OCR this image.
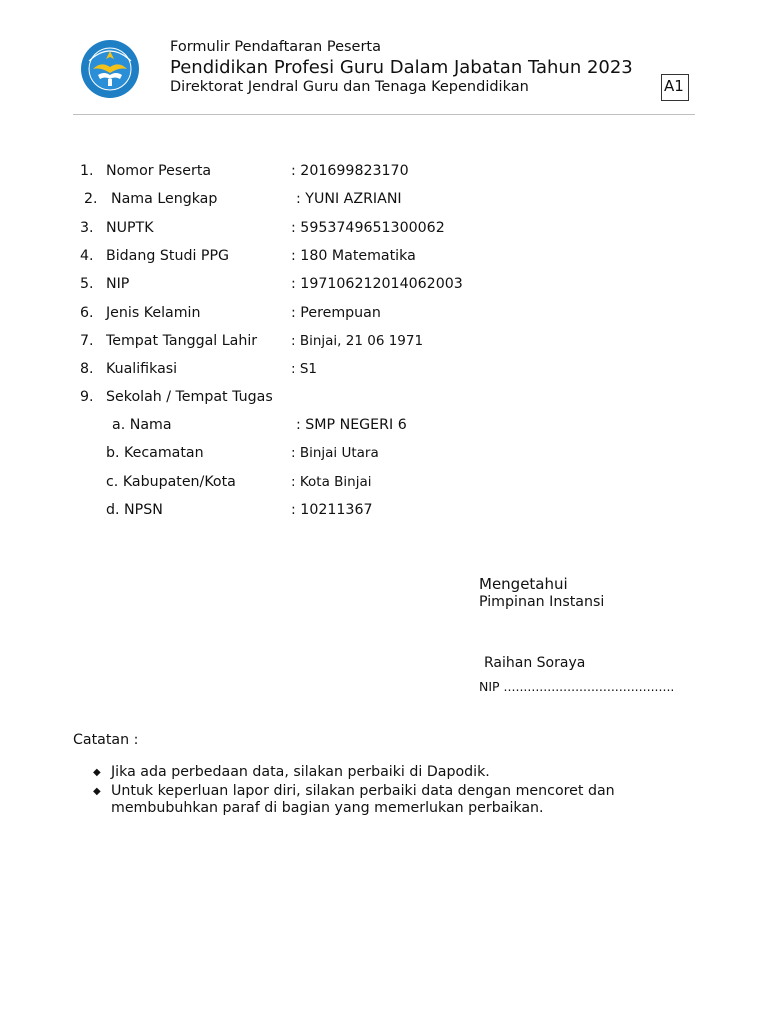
Formulir Pendaftaran Peserta
Pendidikan Profesi Guru Dalam Jabatan Tahun 2023
Direktorat Jendral Guru dan Tenaga Kependidikan	A1
1. Nomor Peserta	: 201699823170
2. Nama Lengkap	: YUNI AZRIANI
3. NUPTK	: 5953749651300062
4. Bidang Studi PPG	: 180 Matematika
5. NIP	: 197106212014062003
6. Jenis Kelamin	: Perempuan
7. Tempat Tanggal Lahir	: Binjai, 21 06 1971
8. Kualifikasi	: S1
9. Sekolah / Tempat Tugas
a. Nama	: SMP NEGERI 6
b. Kecamatan	: Binjai Utara
c. Kabupaten/Kota	: Kota Binjai
d. NPSN	: 10211367
Mengetahui
Pimpinan Instansi
Raihan Soraya
NIP ...........................................
Catatan :
◆ Jika ada perbedaan data, silakan perbaiki di Dapodik.
◆ Untuk keperluan lapor diri, silakan perbaiki data dengan mencoret dan membubuhkan paraf di bagian yang memerlukan perbaikan.
